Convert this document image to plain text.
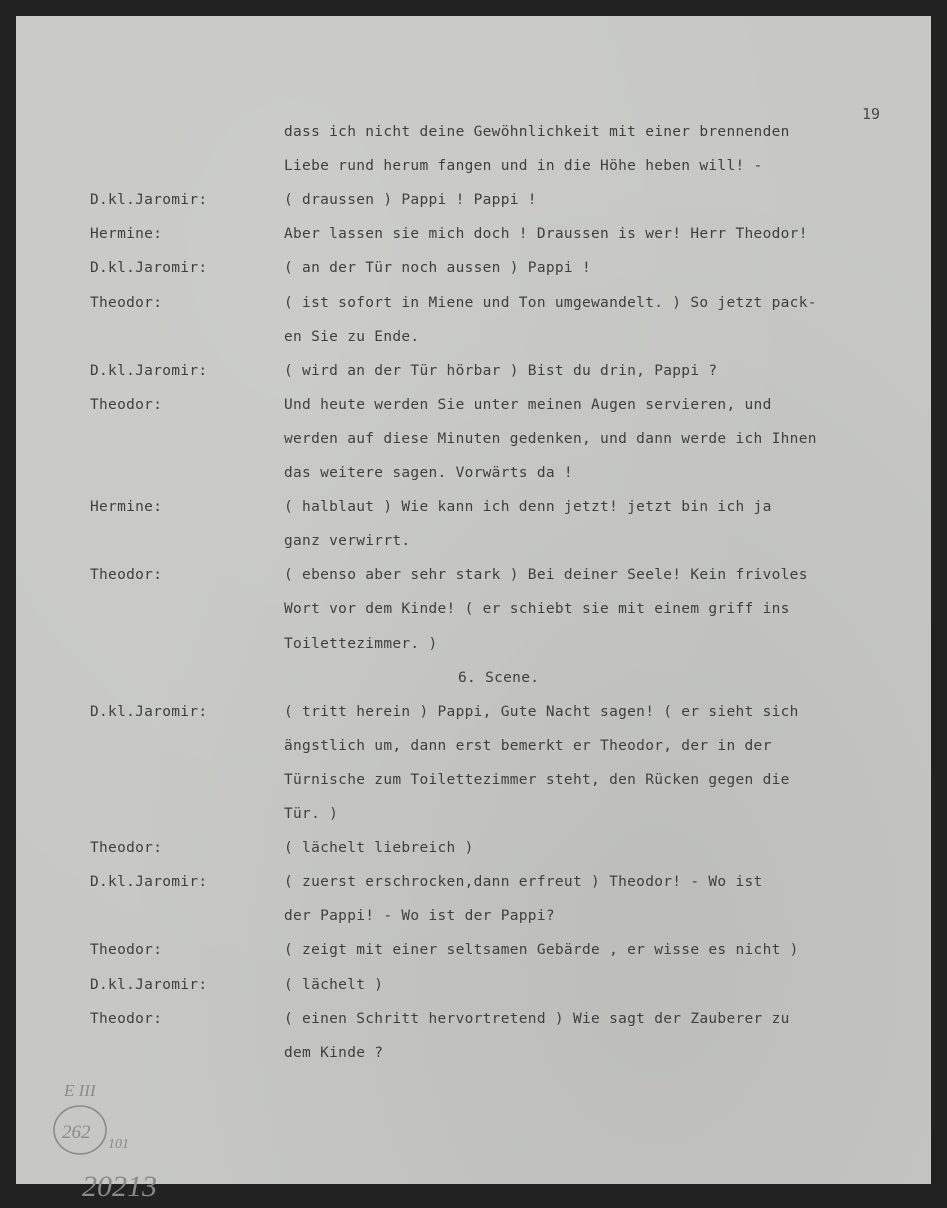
19
dass ich nicht deine Gewöhnlichkeit mit einer brennenden
Liebe rund herum fangen und in die Höhe heben will! -
D.kl.Jaromir:	( draussen ) Pappi ! Pappi !
Hermine:	Aber lassen sie mich doch ! Draussen is wer! Herr Theodor!
D.kl.Jaromir:	( an der Tür noch aussen ) Pappi !
Theodor:	( ist sofort in Miene und Ton umgewandelt. ) So jetzt pack-
en Sie zu Ende.
D.kl.Jaromir:	( wird an der Tür hörbar ) Bist du drin, Pappi ?
Theodor:	Und heute werden Sie unter meinen Augen servieren, und
werden auf diese Minuten gedenken, und dann werde ich Ihnen
das weitere sagen. Vorwärts da !
Hermine:	( halblaut ) Wie kann ich denn jetzt! jetzt bin ich ja
ganz verwirrt.
Theodor:	( ebenso aber sehr stark ) Bei deiner Seele! Kein frivoles
Wort vor dem Kinde! ( er schiebt sie mit einem griff ins
Toilettezimmer. )
6. Scene.
D.kl.Jaromir:	( tritt herein ) Pappi, Gute Nacht sagen! ( er sieht sich
ängstlich um, dann erst bemerkt er Theodor, der in der
Türnische zum Toilettezimmer steht, den Rücken gegen die
Tür. )
Theodor:	( lächelt liebreich )
D.kl.Jaromir:	( zuerst erschrocken,dann erfreut ) Theodor! - Wo ist
der Pappi! - Wo ist der Pappi?
Theodor:	( zeigt mit einer seltsamen Gebärde , er wisse es nicht )
D.kl.Jaromir:	( lächelt )
Theodor:	( einen Schritt hervortretend ) Wie sagt der Zauberer zu
dem Kinde ?
E III
262
101
20213
